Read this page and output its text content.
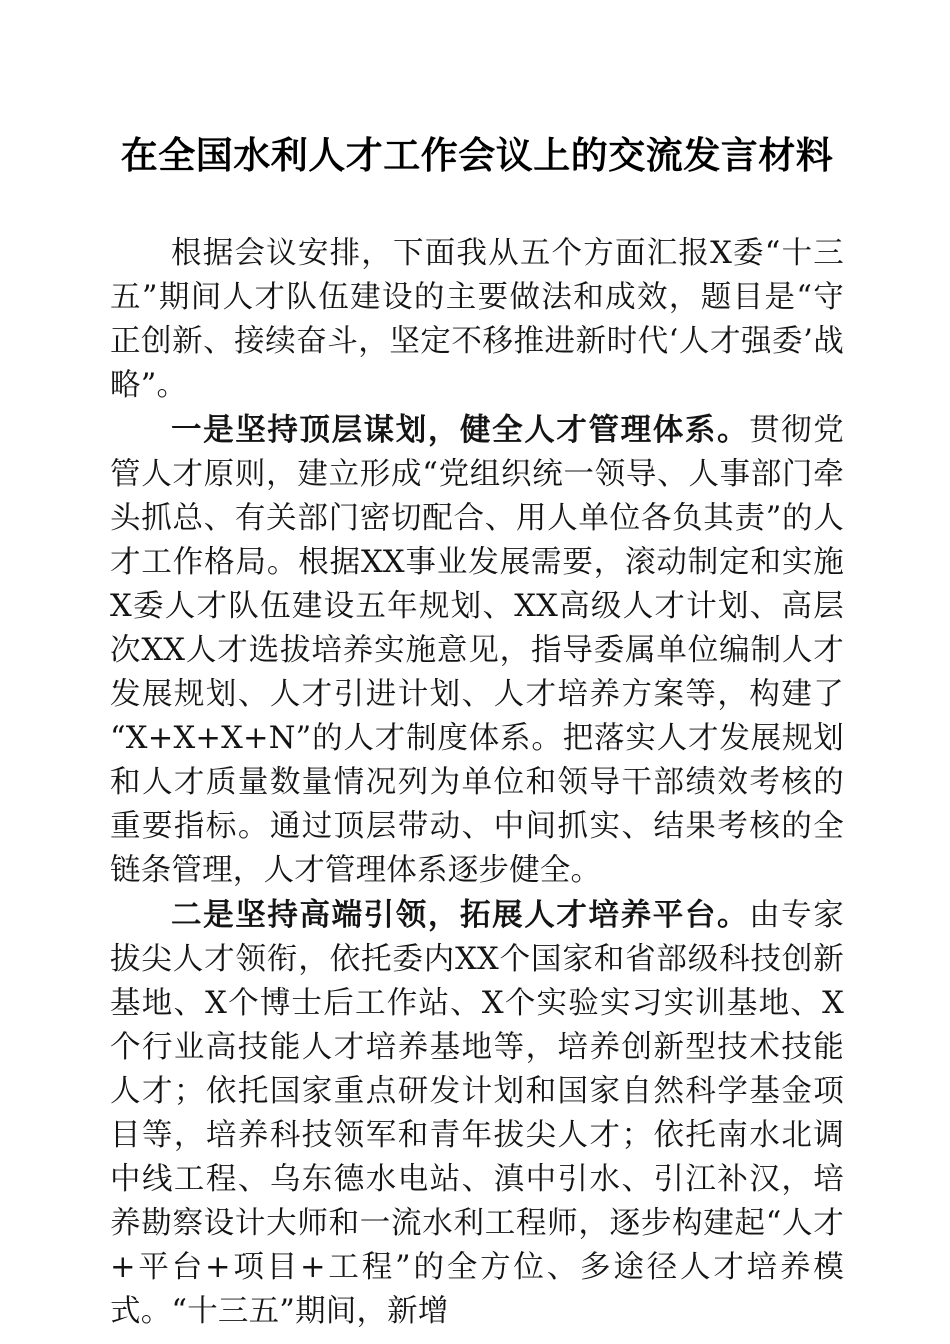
在全国水利人才工作会议上的交流发言材料

根据会议安排，下面我从五个方面汇报X委“十三五”期间人才队伍建设的主要做法和成效，题目是“守正创新、接续奋斗，坚定不移推进新时代‘人才强委’战略”。

一是坚持顶层谋划，健全人才管理体系。贯彻党管人才原则，建立形成“党组织统一领导、人事部门牵头抓总、有关部门密切配合、用人单位各负其责”的人才工作格局。根据XX事业发展需要，滚动制定和实施X委人才队伍建设五年规划、XX高级人才计划、高层次XX人才选拔培养实施意见，指导委属单位编制人才发展规划、人才引进计划、人才培养方案等，构建了“X+X+X+N”的人才制度体系。把落实人才发展规划和人才质量数量情况列为单位和领导干部绩效考核的重要指标。通过顶层带动、中间抓实、结果考核的全链条管理，人才管理体系逐步健全。

二是坚持高端引领，拓展人才培养平台。由专家拔尖人才领衔，依托委内XX个国家和省部级科技创新基地、X个博士后工作站、X个实验实习实训基地、X个行业高技能人才培养基地等，培养创新型技术技能人才；依托国家重点研发计划和国家自然科学基金项目等，培养科技领军和青年拔尖人才；依托南水北调中线工程、乌东德水电站、滇中引水、引江补汉，培养勘察设计大师和一流水利工程师，逐步构建起“人才+平台+项目+工程”的全方位、多途径人才培养模式。“十三五”期间，新增
